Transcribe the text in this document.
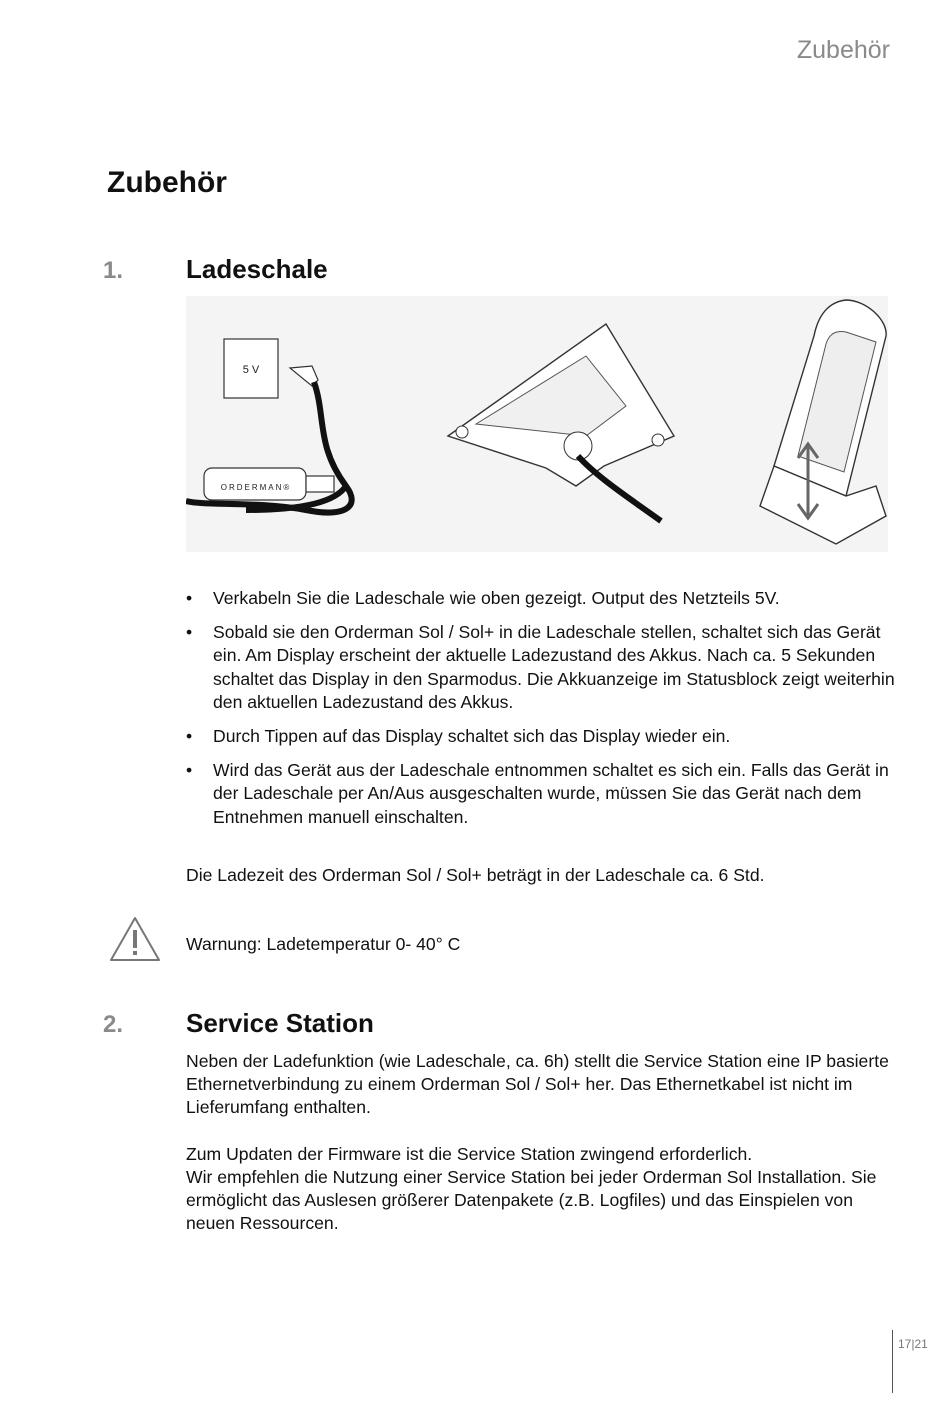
Zubehör
Zubehör
1. Ladeschale
5 V
ORDERMAN®
• Verkabeln Sie die Ladeschale wie oben gezeigt. Output des Netzteils 5V.
• Sobald sie den Orderman Sol / Sol+ in die Ladeschale stellen, schaltet sich das Gerät ein. Am Display erscheint der aktuelle Ladezustand des Akkus. Nach ca. 5 Sekunden schaltet das Display in den Sparmodus. Die Akkuanzeige im Statusblock zeigt weiterhin den aktuellen Ladezustand des Akkus.
• Durch Tippen auf das Display schaltet sich das Display wieder ein.
• Wird das Gerät aus der Ladeschale entnommen schaltet es sich ein. Falls das Gerät in der Ladeschale per An/Aus ausgeschalten wurde, müssen Sie das Gerät nach dem Entnehmen manuell einschalten.

Die Ladezeit des Orderman Sol / Sol+ beträgt in der Ladeschale ca. 6 Std.

Warnung: Ladetemperatur 0- 40° C

2. Service Station

Neben der Ladefunktion (wie Ladeschale, ca. 6h) stellt die Service Station eine IP basierte Ethernetverbindung zu einem Orderman Sol / Sol+ her. Das Ethernetkabel ist nicht im Lieferumfang enthalten.

Zum Updaten der Firmware ist die Service Station zwingend erforderlich.

Wir empfehlen die Nutzung einer Service Station bei jeder Orderman Sol Installation. Sie ermöglicht das Auslesen größerer Datenpakete (z.B. Logfiles) und das Einspielen von neuen Ressourcen.

17|21
